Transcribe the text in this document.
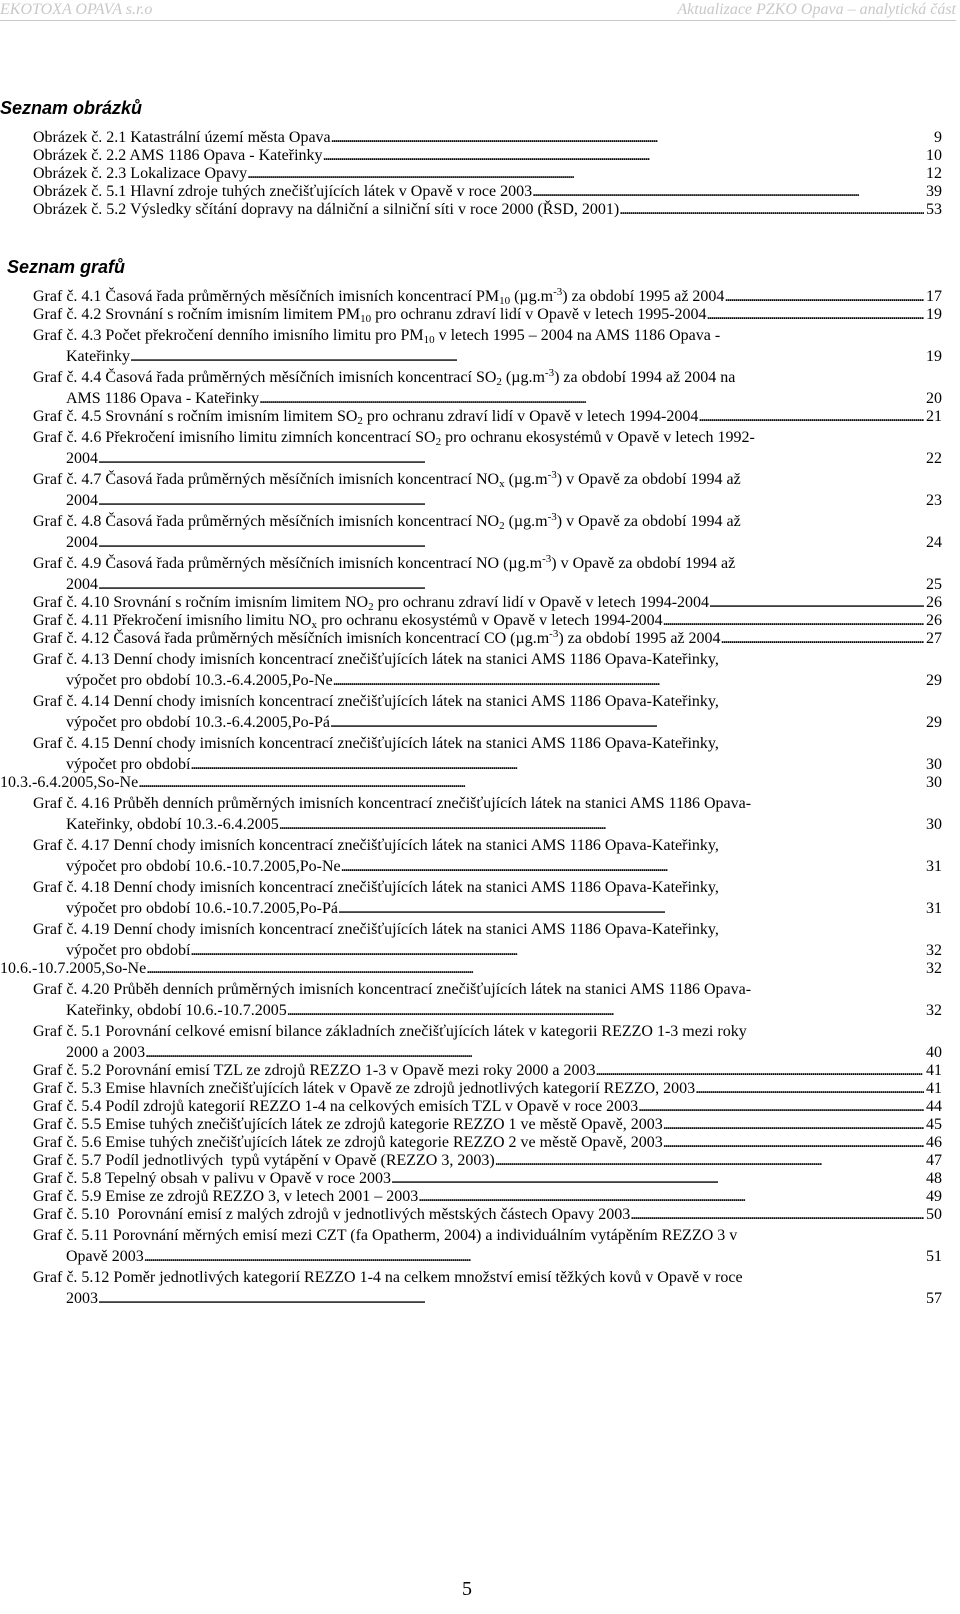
EKOTOXA OPAVA s.r.o	Aktualizace PZKO Opava – analytická část
Seznam obrázků
Obrázek č. 2.1 Katastrální území města Opava . . .	9
Obrázek č. 2.2 AMS 1186 Opava - Kateřinky . . .	10
Obrázek č. 2.3 Lokalizace Opavy . . .	12
Obrázek č. 5.1 Hlavní zdroje tuhých znečišťujících látek v Opavě v roce 2003 . . .	39
Obrázek č. 5.2 Výsledky sčítání dopravy na dálniční a silniční síti v roce 2000 (ŘSD, 2001) . . .	53
Seznam grafů
Graf č. 4.1 Časová řada průměrných měsíčních imisních koncentrací $PM_{10}$ $(\mu g.m^{-3})$ za období 1995 až 2004 . . .	17
Graf č. 4.2 Srovnání s ročním imisním limitem $PM_{10}$ pro ochranu zdraví lidí v Opavě v letech 1995-2004 . . .	19
Graf č. 4.3 Počet překročení denního imisního limitu pro $PM_{10}$ v letech 1995 – 2004 na AMS 1186 Opava -
Kateřinky . . .	19
Graf č. 4.4 Časová řada průměrných měsíčních imisních koncentrací $SO_2$ $(\mu g.m^{-3})$ za období 1994 až 2004 na
AMS 1186 Opava - Kateřinky . . .	20
Graf č. 4.5 Srovnání s ročním imisním limitem $SO_2$ pro ochranu zdraví lidí v Opavě v letech 1994-2004 . . .	21
Graf č. 4.6 Překročení imisního limitu zimních koncentrací $SO_2$ pro ochranu ekosystémů v Opavě v letech 1992-
2004 . . .	22
Graf č. 4.7 Časová řada průměrných měsíčních imisních koncentrací $NO_x$ $(\mu g.m^{-3})$ v Opavě za období 1994 až
2004 . . .	23
Graf č. 4.8 Časová řada průměrných měsíčních imisních koncentrací $NO_2$ $(\mu g.m^{-3})$ v Opavě za období 1994 až
2004 . . .	24
Graf č. 4.9 Časová řada průměrných měsíčních imisních koncentrací NO $(\mu g.m^{-3})$ v Opavě za období 1994 až
2004 . . .	25
Graf č. 4.10 Srovnání s ročním imisním limitem $NO_2$ pro ochranu zdraví lidí v Opavě v letech 1994-2004 . . .	26
Graf č. 4.11 Překročení imisního limitu $NO_x$ pro ochranu ekosystémů v Opavě v letech 1994-2004 . . .	26
Graf č. 4.12 Časová řada průměrných měsíčních imisních koncentrací CO $(\mu g.m^{-3})$ za období 1995 až 2004 . . .	27
Graf č. 4.13 Denní chody imisních koncentrací znečišťujících látek na stanici AMS 1186 Opava-Kateřinky,
výpočet pro období 10.3.-6.4.2005,Po-Ne . . .	29
Graf č. 4.14 Denní chody imisních koncentrací znečišťujících látek na stanici AMS 1186 Opava-Kateřinky,
výpočet pro období 10.3.-6.4.2005,Po-Pá . . .	29
Graf č. 4.15 Denní chody imisních koncentrací znečišťujících látek na stanici AMS 1186 Opava-Kateřinky,
výpočet pro období . . .	30
10.3.-6.4.2005,So-Ne . . .	30
Graf č. 4.16 Průběh denních průměrných imisních koncentrací znečišťujících látek na stanici AMS 1186 Opava-
Kateřinky, období 10.3.-6.4.2005 . . .	30
Graf č. 4.17 Denní chody imisních koncentrací znečišťujících látek na stanici AMS 1186 Opava-Kateřinky,
výpočet pro období 10.6.-10.7.2005,Po-Ne . . .	31
Graf č. 4.18 Denní chody imisních koncentrací znečišťujících látek na stanici AMS 1186 Opava-Kateřinky,
výpočet pro období 10.6.-10.7.2005,Po-Pá . . .	31
Graf č. 4.19 Denní chody imisních koncentrací znečišťujících látek na stanici AMS 1186 Opava-Kateřinky,
výpočet pro období . . .	32
10.6.-10.7.2005,So-Ne . . .	32
Graf č. 4.20 Průběh denních průměrných imisních koncentrací znečišťujících látek na stanici AMS 1186 Opava-
Kateřinky, období 10.6.-10.7.2005 . . .	32
Graf č. 5.1 Porovnání celkové emisní bilance základních znečišťujících látek v kategorii REZZO 1-3 mezi roky
2000 a 2003 . . .	40
Graf č. 5.2 Porovnání emisí TZL ze zdrojů REZZO 1-3 v Opavě mezi roky 2000 a 2003 . . .	41
Graf č. 5.3 Emise hlavních znečišťujících látek v Opavě ze zdrojů jednotlivých kategorií REZZO, 2003 . . .	41
Graf č. 5.4 Podíl zdrojů kategorií REZZO 1-4 na celkových emisích TZL v Opavě v roce 2003 . . .	44
Graf č. 5.5 Emise tuhých znečišťujících látek ze zdrojů kategorie REZZO 1 ve městě Opavě, 2003 . . .	45
Graf č. 5.6 Emise tuhých znečišťujících látek ze zdrojů kategorie REZZO 2 ve městě Opavě, 2003 . . .	46
Graf č. 5.7 Podíl jednotlivých  typů vytápění v Opavě (REZZO 3, 2003) . . .	47
Graf č. 5.8 Tepelný obsah v palivu v Opavě v roce 2003 . . .	48
Graf č. 5.9 Emise ze zdrojů REZZO 3, v letech 2001 – 2003 . . .	49
Graf č. 5.10  Porovnání emisí z malých zdrojů v jednotlivých městských částech Opavy 2003 . . .	50
Graf č. 5.11 Porovnání měrných emisí mezi CZT (fa Opatherm, 2004) a individuálním vytápěním REZZO 3 v
Opavě 2003 . . .	51
Graf č. 5.12 Poměr jednotlivých kategorií REZZO 1-4 na celkem množství emisí těžkých kovů v Opavě v roce
2003 . . .	57
5
